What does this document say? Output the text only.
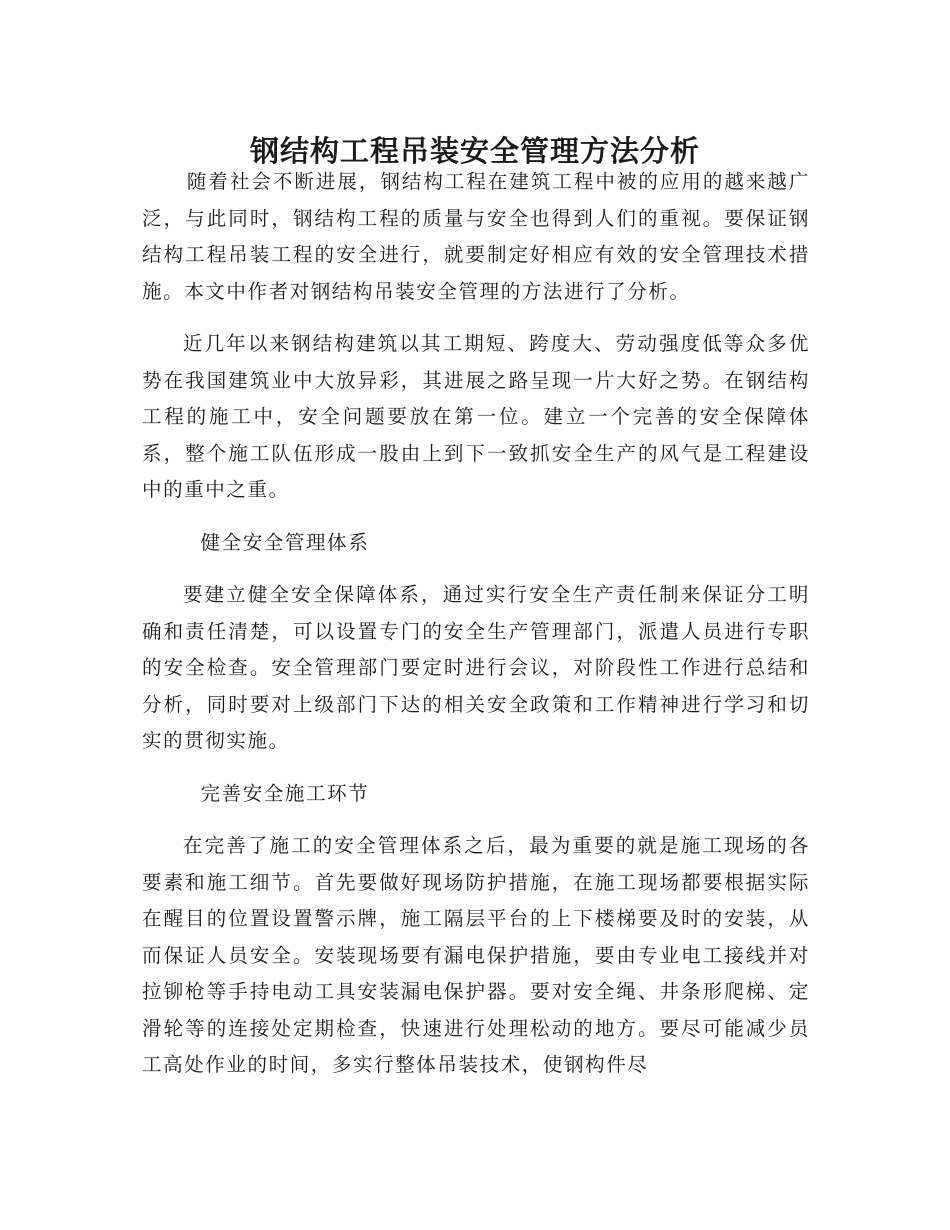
钢结构工程吊装安全管理方法分析

随着社会不断进展，钢结构工程在建筑工程中被的应用的越来越广泛，与此同时，钢结构工程的质量与安全也得到人们的重视。要保证钢结构工程吊装工程的安全进行，就要制定好相应有效的安全管理技术措施。本文中作者对钢结构吊装安全管理的方法进行了分析。

近几年以来钢结构建筑以其工期短、跨度大、劳动强度低等众多优势在我国建筑业中大放异彩，其进展之路呈现一片大好之势。在钢结构工程的施工中，安全问题要放在第一位。建立一个完善的安全保障体系，整个施工队伍形成一股由上到下一致抓安全生产的风气是工程建设中的重中之重。

健全安全管理体系

要建立健全安全保障体系，通过实行安全生产责任制来保证分工明确和责任清楚，可以设置专门的安全生产管理部门，派遣人员进行专职的安全检查。安全管理部门要定时进行会议，对阶段性工作进行总结和分析，同时要对上级部门下达的相关安全政策和工作精神进行学习和切实的贯彻实施。

完善安全施工环节

在完善了施工的安全管理体系之后，最为重要的就是施工现场的各要素和施工细节。首先要做好现场防护措施，在施工现场都要根据实际在醒目的位置设置警示牌，施工隔层平台的上下楼梯要及时的安装，从而保证人员安全。安装现场要有漏电保护措施，要由专业电工接线并对拉铆枪等手持电动工具安装漏电保护器。要对安全绳、井条形爬梯、定滑轮等的连接处定期检查，快速进行处理松动的地方。要尽可能减少员工高处作业的时间，多实行整体吊装技术，使钢构件尽
